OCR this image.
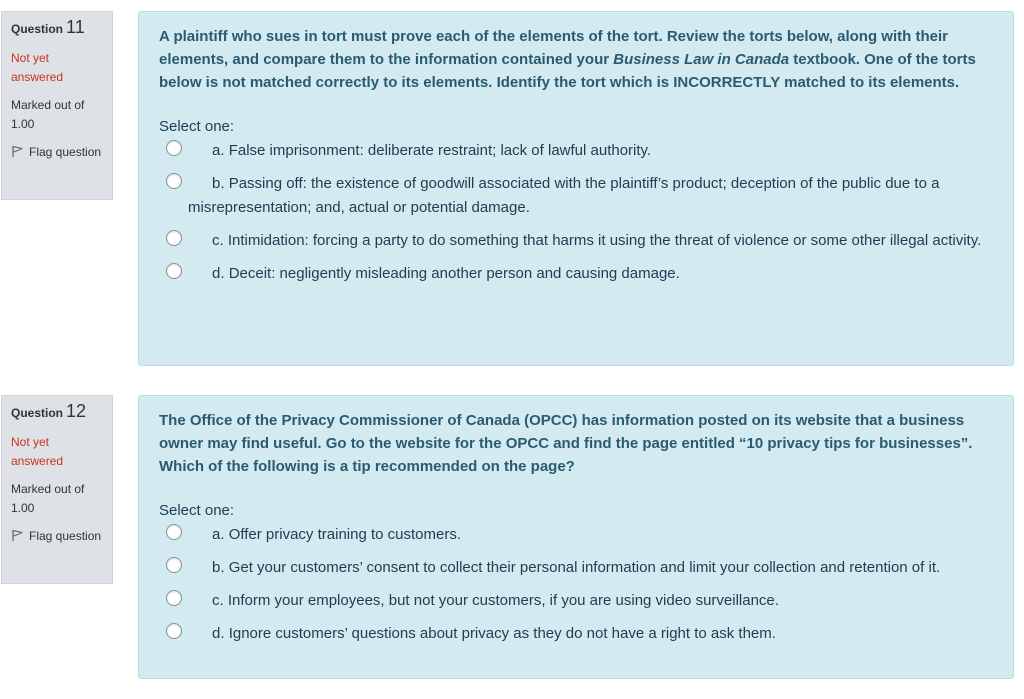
Question 11
Not yet answered
Marked out of 1.00
Flag question
A plaintiff who sues in tort must prove each of the elements of the tort. Review the torts below, along with their elements, and compare them to the information contained your Business Law in Canada textbook. One of the torts below is not matched correctly to its elements. Identify the tort which is INCORRECTLY matched to its elements.
Select one:
a. False imprisonment: deliberate restraint; lack of lawful authority.
b. Passing off: the existence of goodwill associated with the plaintiff’s product; deception of the public due to a misrepresentation; and, actual or potential damage.
c. Intimidation: forcing a party to do something that harms it using the threat of violence or some other illegal activity.
d. Deceit: negligently misleading another person and causing damage.
Question 12
Not yet answered
Marked out of 1.00
Flag question
The Office of the Privacy Commissioner of Canada (OPCC) has information posted on its website that a business owner may find useful. Go to the website for the OPCC and find the page entitled “10 privacy tips for businesses”. Which of the following is a tip recommended on the page?
Select one:
a. Offer privacy training to customers.
b. Get your customers’ consent to collect their personal information and limit your collection and retention of it.
c. Inform your employees, but not your customers, if you are using video surveillance.
d. Ignore customers’ questions about privacy as they do not have a right to ask them.
